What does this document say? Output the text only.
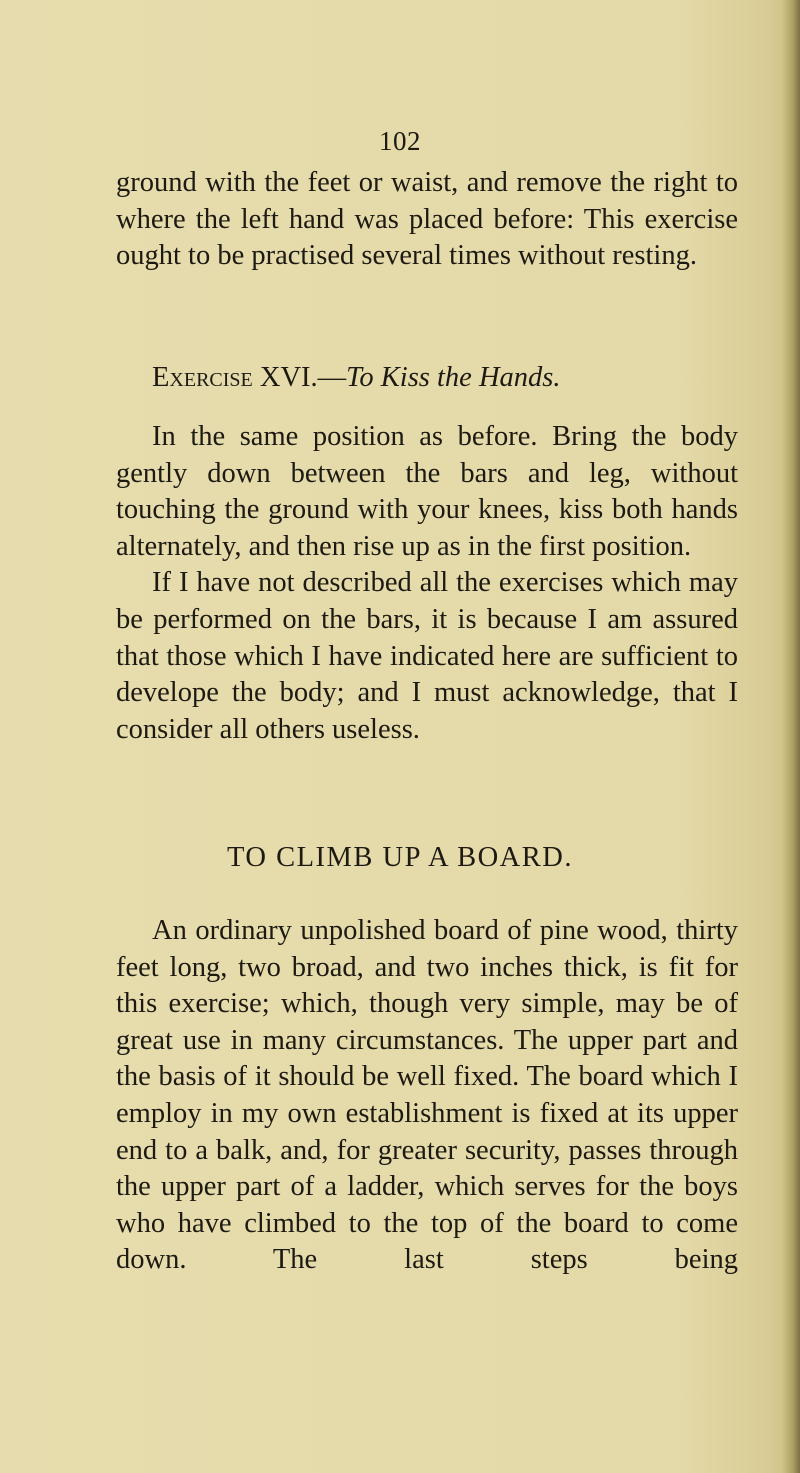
102

ground with the feet or waist, and remove the right to where the left hand was placed before: This exercise ought to be practised several times without resting.

Exercise XVI.—To Kiss the Hands.

In the same position as before. Bring the body gently down between the bars and leg, without touching the ground with your knees, kiss both hands alternately, and then rise up as in the first position.

If I have not described all the exercises which may be performed on the bars, it is because I am assured that those which I have indicated here are sufficient to develope the body; and I must acknowledge, that I consider all others useless.

TO CLIMB UP A BOARD.

An ordinary unpolished board of pine wood, thirty feet long, two broad, and two inches thick, is fit for this exercise; which, though very simple, may be of great use in many circumstances. The upper part and the basis of it should be well fixed. The board which I employ in my own establishment is fixed at its upper end to a balk, and, for greater security, passes through the upper part of a ladder, which serves for the boys who have climbed to the top of the board to come down. The last steps being
